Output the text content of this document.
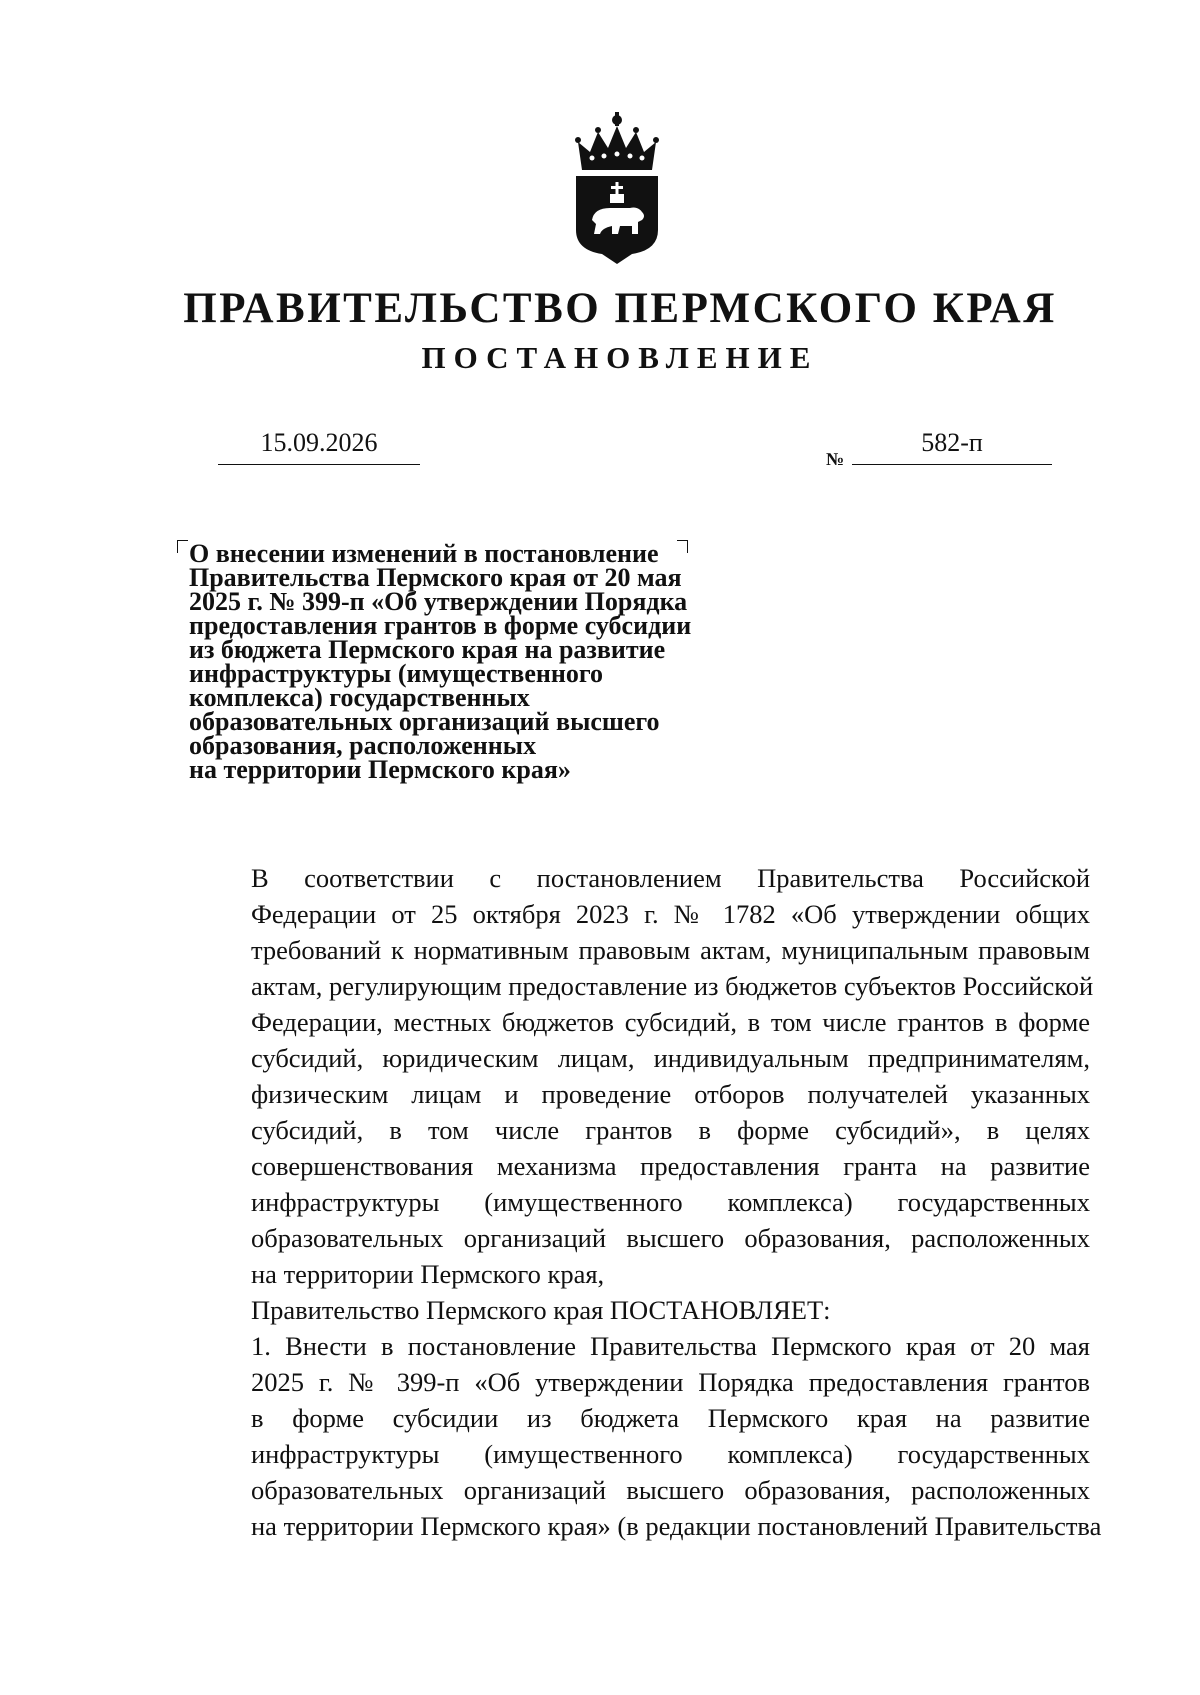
ПРАВИТЕЛЬСТВО ПЕРМСКОГО КРАЯ
ПОСТАНОВЛЕНИЕ
15.09.2026
№
582-п
О внесении изменений в постановление
Правительства Пермского края от 20 мая
2025 г. № 399-п «Об утверждении Порядка
предоставления грантов в форме субсидии
из бюджета Пермского края на развитие
инфраструктуры (имущественного
комплекса) государственных
образовательных организаций высшего
образования, расположенных
на территории Пермского края»

В соответствии с постановлением Правительства Российской
Федерации от 25 октября 2023 г. № 1782 «Об утверждении общих
требований к нормативным правовым актам, муниципальным правовым
актам, регулирующим предоставление из бюджетов субъектов Российской
Федерации, местных бюджетов субсидий, в том числе грантов в форме
субсидий, юридическим лицам, индивидуальным предпринимателям,
физическим лицам и проведение отборов получателей указанных
субсидий, в том числе грантов в форме субсидий», в целях
совершенствования механизма предоставления гранта на развитие
инфраструктуры (имущественного комплекса) государственных
образовательных организаций высшего образования, расположенных
на территории Пермского края,

Правительство Пермского края ПОСТАНОВЛЯЕТ:

1. Внести в постановление Правительства Пермского края от 20 мая
2025 г. № 399-п «Об утверждении Порядка предоставления грантов
в форме субсидии из бюджета Пермского края на развитие
инфраструктуры (имущественного комплекса) государственных
образовательных организаций высшего образования, расположенных
на территории Пермского края» (в редакции постановлений Правительства
